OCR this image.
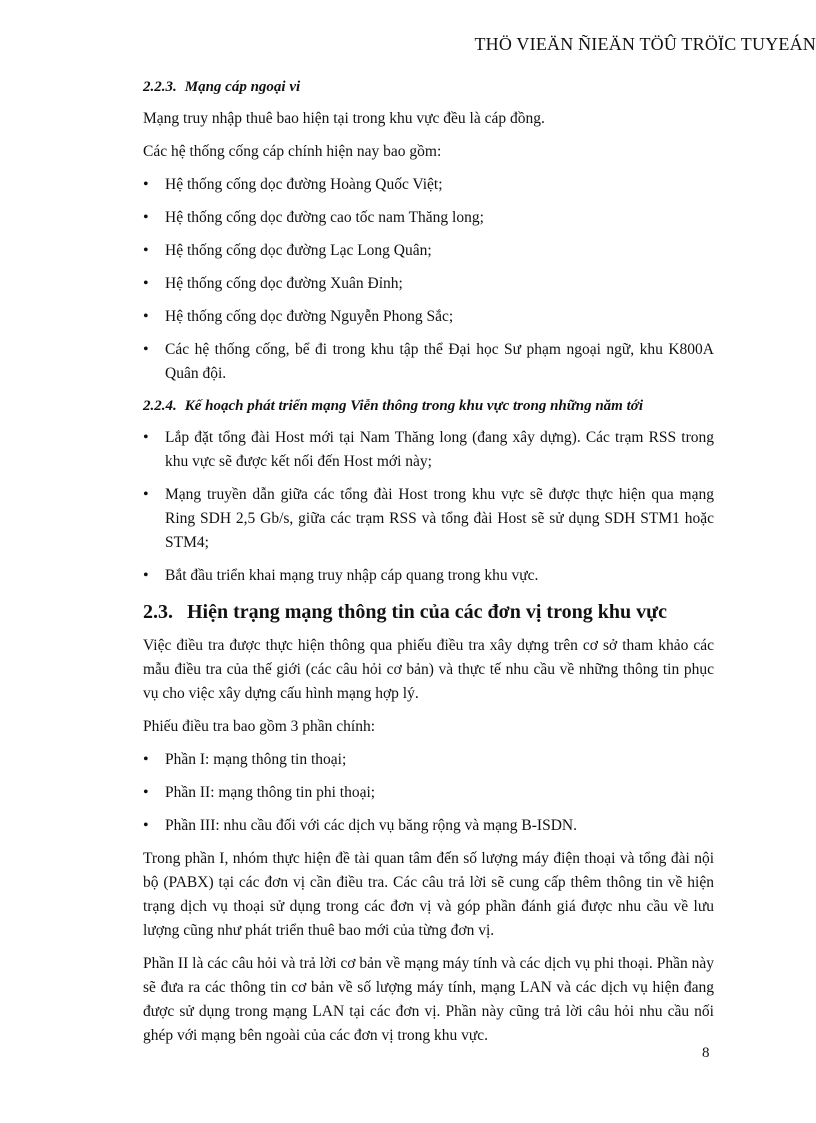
THÖ VIEÄN ÑIEÄN TÖÛ TRÖÏC TUYEÁN
2.2.3. Mạng cáp ngoại vi

Mạng truy nhập thuê bao hiện tại trong khu vực đều là cáp đồng.

Các hệ thống cống cáp chính hiện nay bao gồm:

• Hệ thống cống dọc đường Hoàng Quốc Việt;
• Hệ thống cống dọc đường cao tốc nam Thăng long;
• Hệ thống cống dọc đường Lạc Long Quân;
• Hệ thống cống dọc đường Xuân Đỉnh;
• Hệ thống cống dọc đường Nguyễn Phong Sắc;
• Các hệ thống cống, bể đi trong khu tập thể Đại học Sư phạm ngoại ngữ, khu K800A Quân đội.
2.2.4. Kế hoạch phát triển mạng Viễn thông trong khu vực trong những năm tới
• Lắp đặt tổng đài Host mới tại Nam Thăng long (đang xây dựng). Các trạm RSS trong khu vực sẽ được kết nối đến Host mới này;
• Mạng truyền dẫn giữa các tổng đài Host trong khu vực sẽ được thực hiện qua mạng Ring SDH 2,5 Gb/s, giữa các trạm RSS và tổng đài Host sẽ sử dụng SDH STM1 hoặc STM4;
• Bắt đầu triển khai mạng truy nhập cáp quang trong khu vực.
2.3. Hiện trạng mạng thông tin của các đơn vị trong khu vực

Việc điều tra được thực hiện thông qua phiếu điều tra xây dựng trên cơ sở tham khảo các mẫu điều tra của thế giới (các câu hỏi cơ bản) và thực tế nhu cầu về những thông tin phục vụ cho việc xây dựng cấu hình mạng hợp lý.

Phiếu điều tra bao gồm 3 phần chính:

• Phần I: mạng thông tin thoại;
• Phần II: mạng thông tin phi thoại;
• Phần III: nhu cầu đối với các dịch vụ băng rộng và mạng B-ISDN.

Trong phần I, nhóm thực hiện đề tài quan tâm đến số lượng máy điện thoại và tổng đài nội bộ (PABX) tại các đơn vị cần điều tra. Các câu trả lời sẽ cung cấp thêm thông tin về hiện trạng dịch vụ thoại sử dụng trong các đơn vị và góp phần đánh giá được nhu cầu về lưu lượng cũng như phát triển thuê bao mới của từng đơn vị.

Phần II là các câu hỏi và trả lời cơ bản về mạng máy tính và các dịch vụ phi thoại. Phần này sẽ đưa ra các thông tin cơ bản về số lượng máy tính, mạng LAN và các dịch vụ hiện đang được sử dụng trong mạng LAN tại các đơn vị. Phần này cũng trả lời câu hỏi nhu cầu nối ghép với mạng bên ngoài của các đơn vị trong khu vực.

8
